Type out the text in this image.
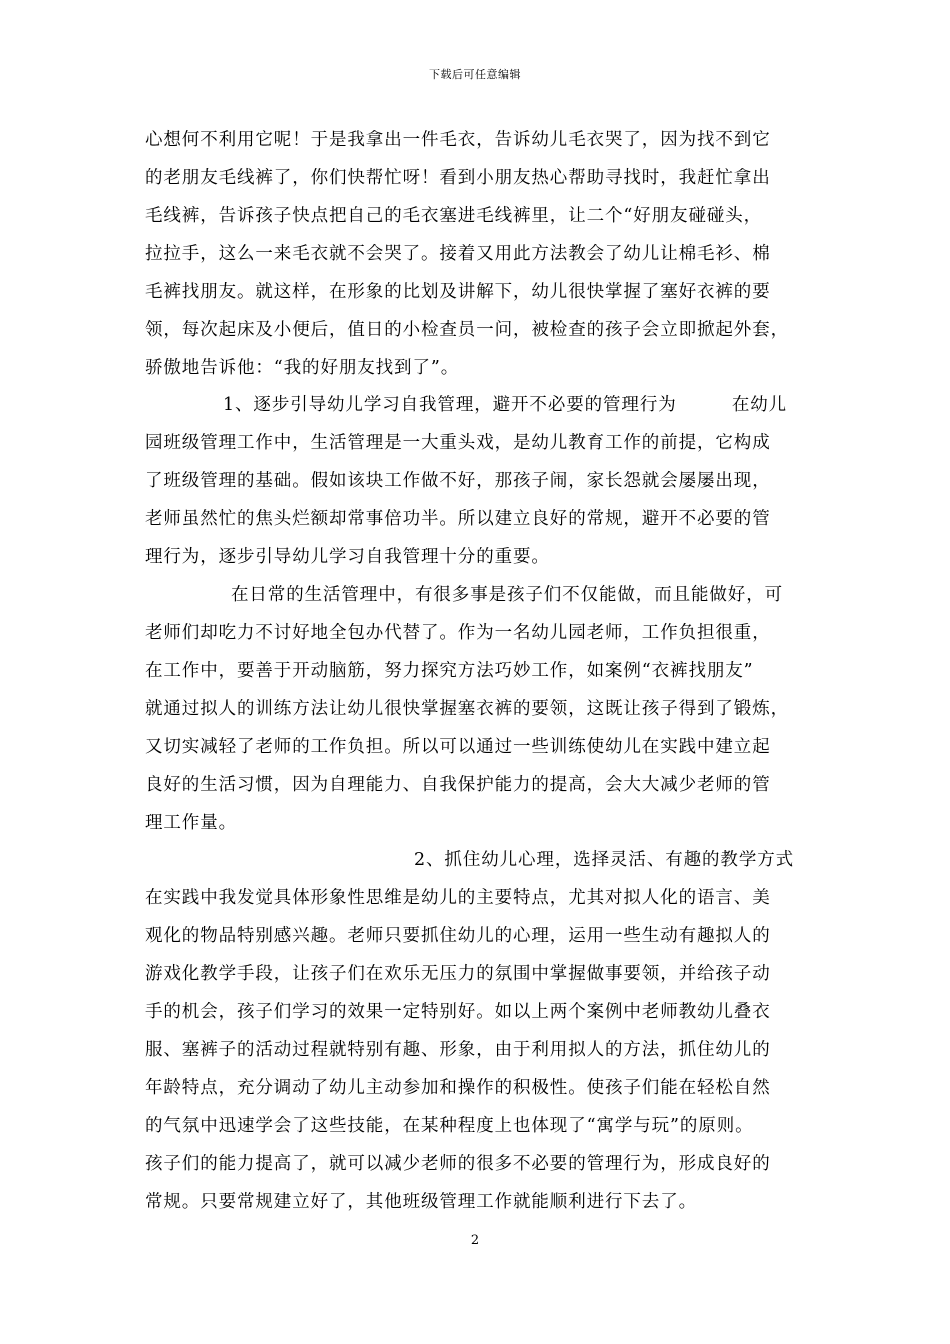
下载后可任意编辑
心想何不利用它呢！于是我拿出一件毛衣，告诉幼儿毛衣哭了，因为找不到它
的老朋友毛线裤了，你们快帮忙呀！看到小朋友热心帮助寻找时，我赶忙拿出
毛线裤，告诉孩子快点把自己的毛衣塞进毛线裤里，让二个“好朋友碰碰头，
拉拉手，这么一来毛衣就不会哭了。接着又用此方法教会了幼儿让棉毛衫、棉
毛裤找朋友。就这样，在形象的比划及讲解下，幼儿很快掌握了塞好衣裤的要
领，每次起床及小便后，值日的小检查员一问，被检查的孩子会立即掀起外套，
骄傲地告诉他：“我的好朋友找到了”。
1、逐步引导幼儿学习自我管理，避开不必要的管理行为　　　在幼儿
园班级管理工作中，生活管理是一大重头戏，是幼儿教育工作的前提，它构成
了班级管理的基础。假如该块工作做不好，那孩子闹，家长怨就会屡屡出现，
老师虽然忙的焦头烂额却常事倍功半。所以建立良好的常规，避开不必要的管
理行为，逐步引导幼儿学习自我管理十分的重要。
在日常的生活管理中，有很多事是孩子们不仅能做，而且能做好，可
老师们却吃力不讨好地全包办代替了。作为一名幼儿园老师，工作负担很重，
在工作中，要善于开动脑筋，努力探究方法巧妙工作，如案例“衣裤找朋友”
就通过拟人的训练方法让幼儿很快掌握塞衣裤的要领，这既让孩子得到了锻炼，
又切实减轻了老师的工作负担。所以可以通过一些训练使幼儿在实践中建立起
良好的生活习惯，因为自理能力、自我保护能力的提高，会大大减少老师的管
理工作量。
2、抓住幼儿心理，选择灵活、有趣的教学方式
在实践中我发觉具体形象性思维是幼儿的主要特点，尤其对拟人化的语言、美
观化的物品特别感兴趣。老师只要抓住幼儿的心理，运用一些生动有趣拟人的
游戏化教学手段，让孩子们在欢乐无压力的氛围中掌握做事要领，并给孩子动
手的机会，孩子们学习的效果一定特别好。如以上两个案例中老师教幼儿叠衣
服、塞裤子的活动过程就特别有趣、形象，由于利用拟人的方法，抓住幼儿的
年龄特点，充分调动了幼儿主动参加和操作的积极性。使孩子们能在轻松自然
的气氛中迅速学会了这些技能，在某种程度上也体现了“寓学与玩”的原则。
孩子们的能力提高了，就可以减少老师的很多不必要的管理行为，形成良好的
常规。只要常规建立好了，其他班级管理工作就能顺利进行下去了。
2
